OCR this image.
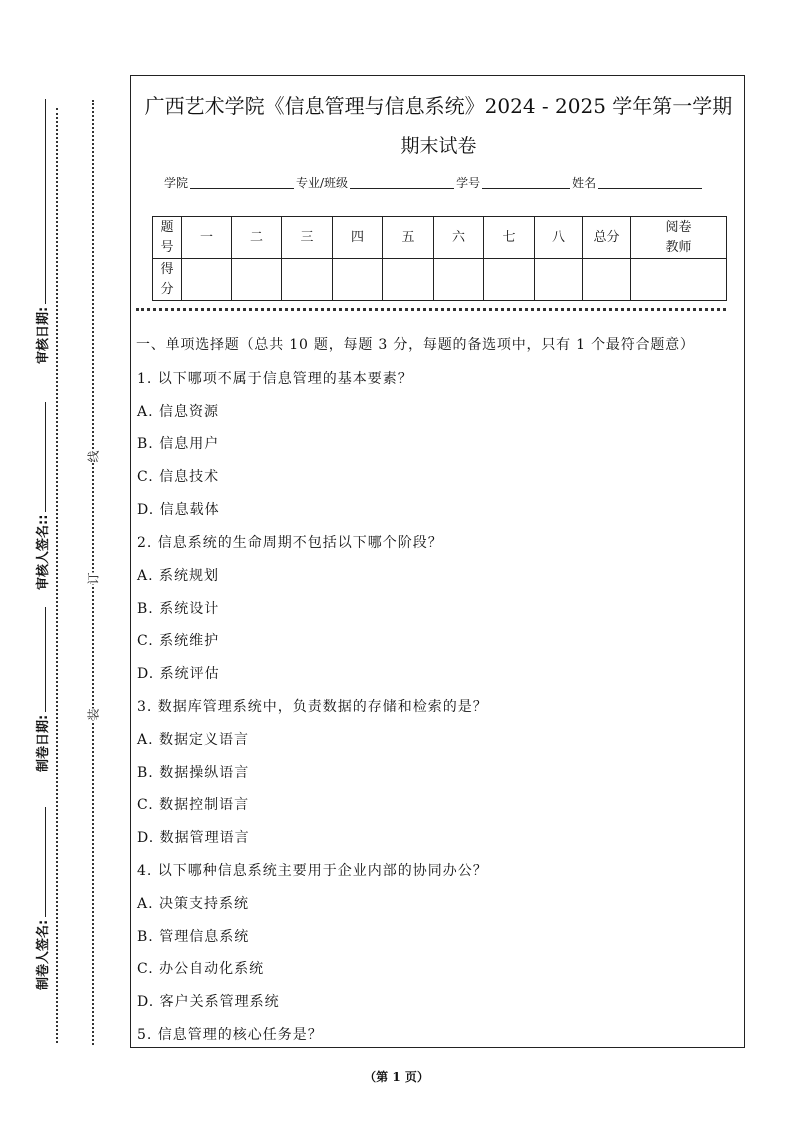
审核日期:
审核人签名::
制卷日期:
制卷人签名:
线
订
装
广西艺术学院《信息管理与信息系统》2024 - 2025 学年第一学期
期末试卷
学院	专业/班级	学号	姓名
题号	一	二	三	四	五	六	七	八	总分	阅卷教师
得分										
一、单项选择题（总共 10 题，每题 3 分，每题的备选项中，只有 1 个最符合题意）
1. 以下哪项不属于信息管理的基本要素？
A. 信息资源
B. 信息用户
C. 信息技术
D. 信息载体
2. 信息系统的生命周期不包括以下哪个阶段？
A. 系统规划
B. 系统设计
C. 系统维护
D. 系统评估
3. 数据库管理系统中，负责数据的存储和检索的是？
A. 数据定义语言
B. 数据操纵语言
C. 数据控制语言
D. 数据管理语言
4. 以下哪种信息系统主要用于企业内部的协同办公？
A. 决策支持系统
B. 管理信息系统
C. 办公自动化系统
D. 客户关系管理系统
5. 信息管理的核心任务是？
（第 1 页）
